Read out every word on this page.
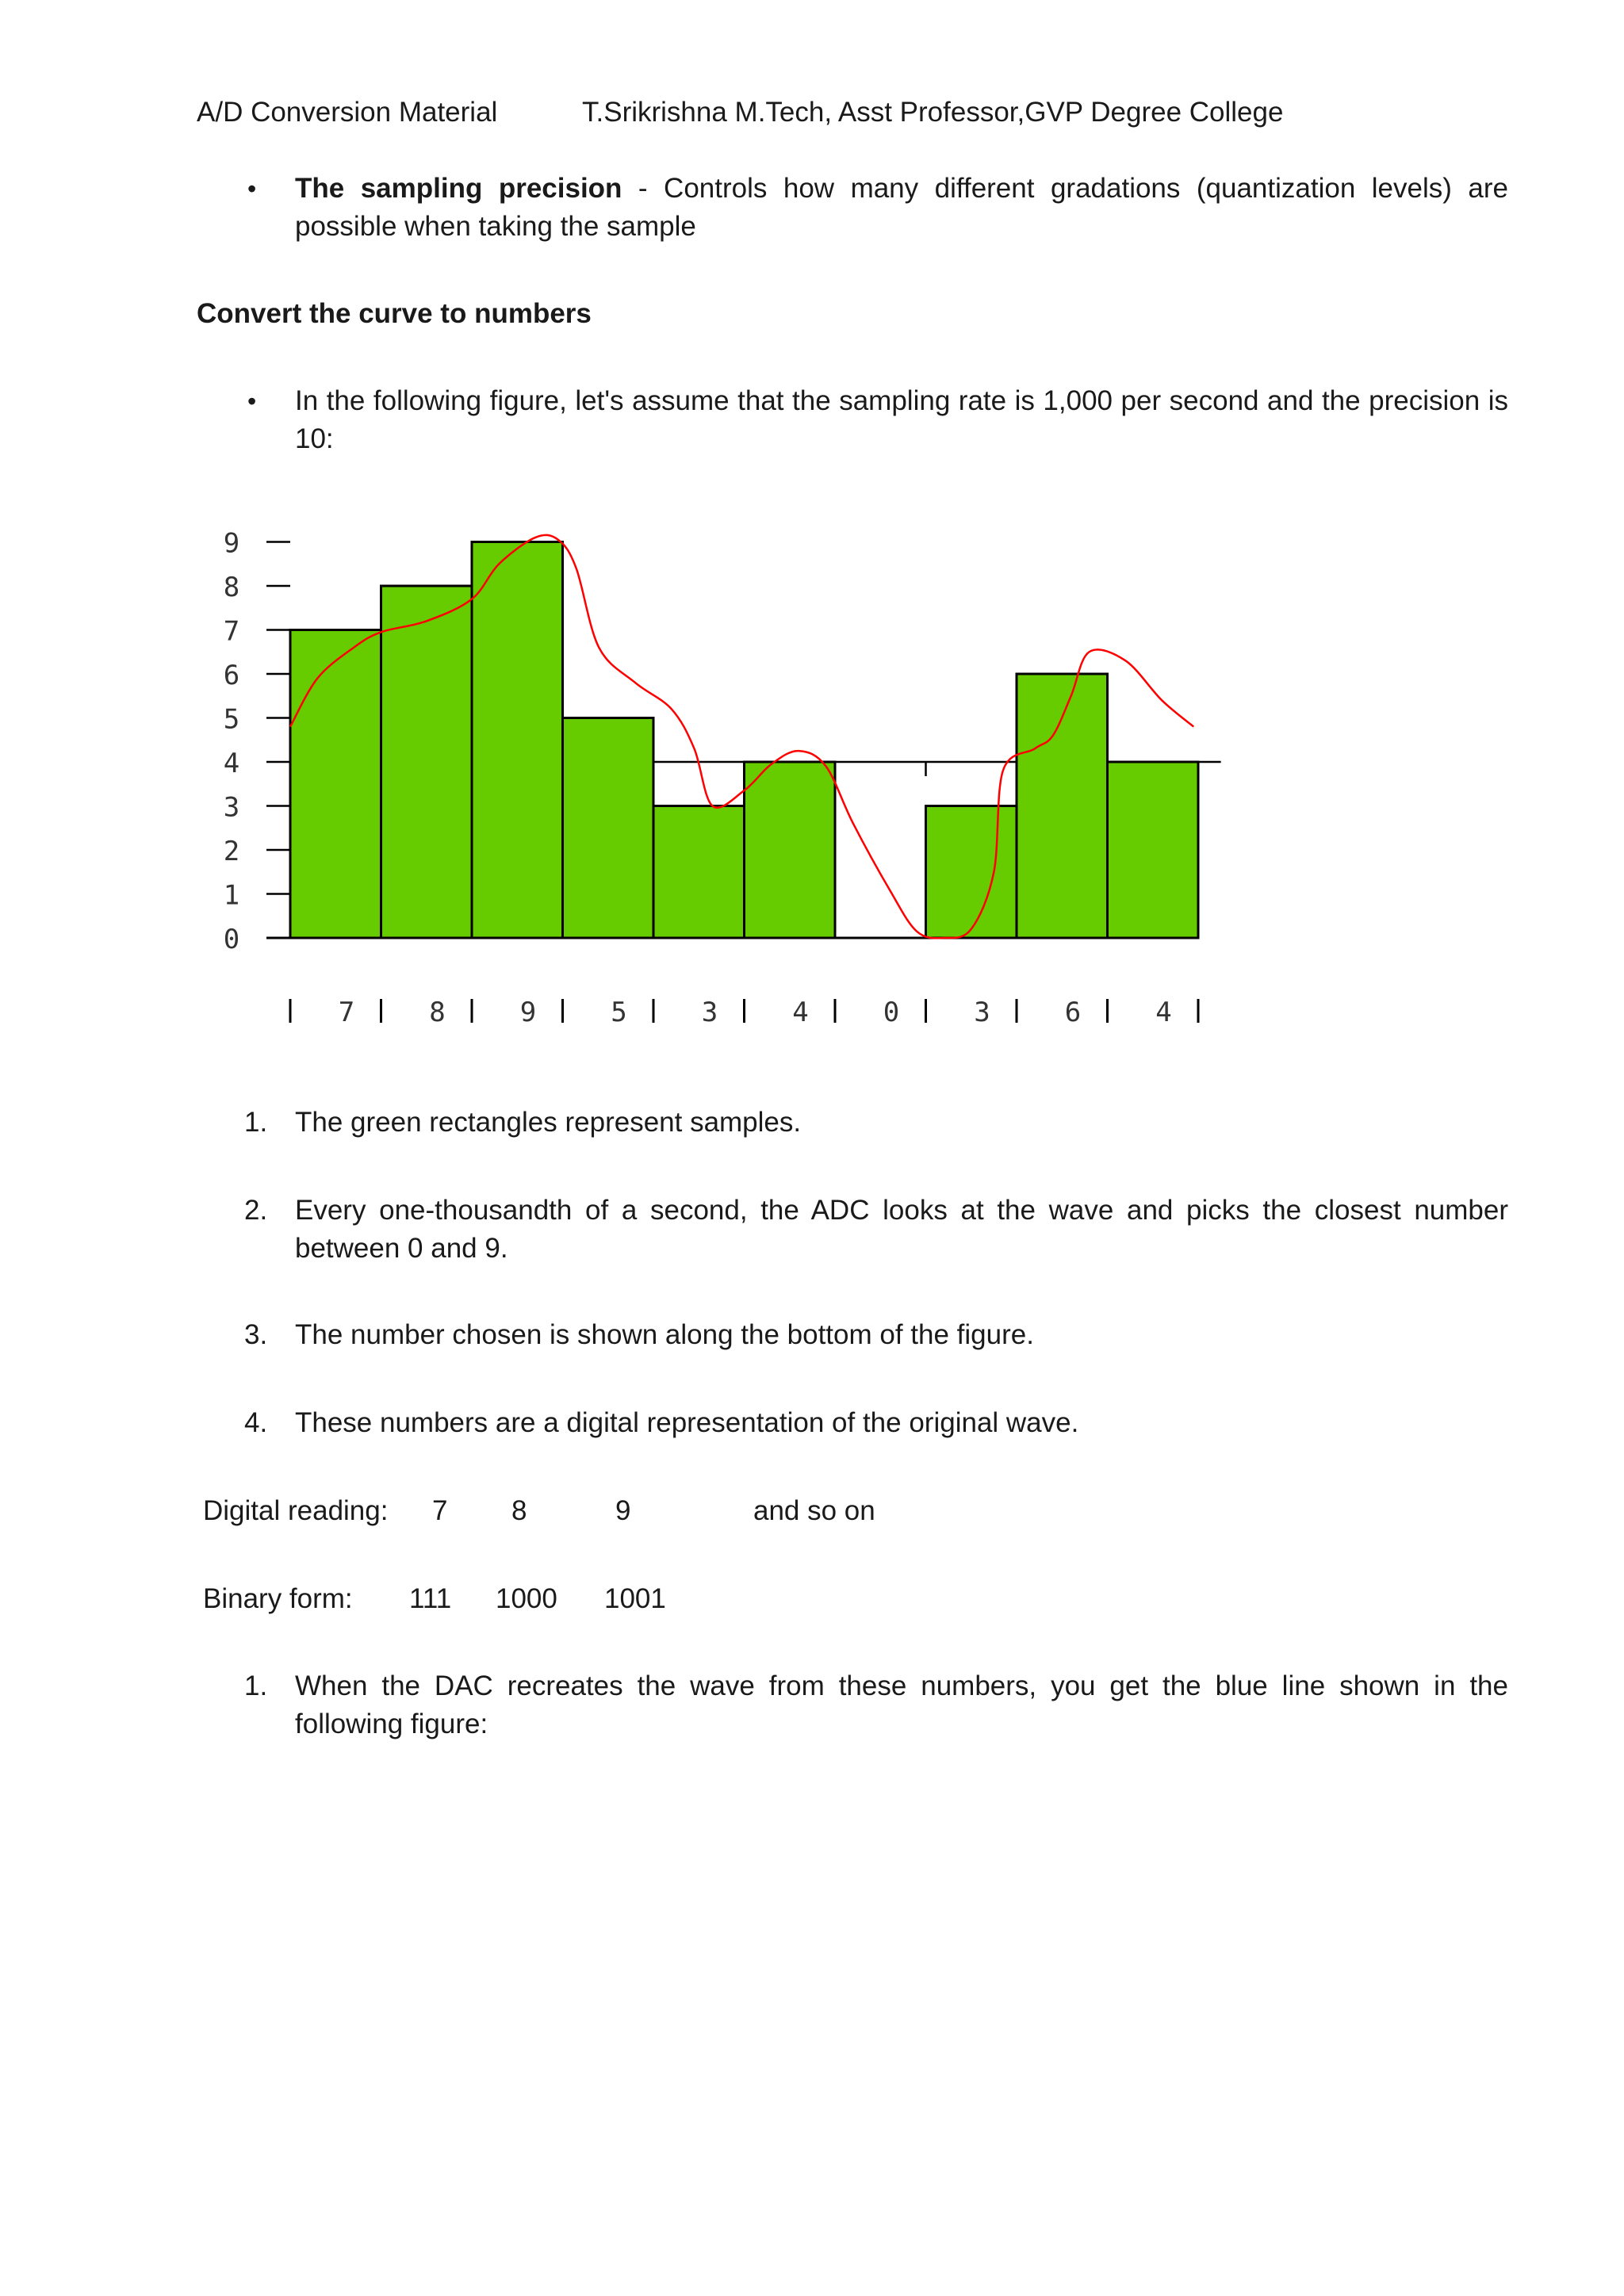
A/D Conversion Material	T.Srikrishna M.Tech, Asst Professor,GVP Degree College
• The sampling precision - Controls how many different gradations (quantization levels) are possible when taking the sample
Convert the curve to numbers
• In the following figure, let's assume that the sampling rate is 1,000 per second and the precision is 10:
0
1
2
3
4
5
6
7
8
9
7	8	9	5	3	4	0	3	6	4
1. The green rectangles represent samples.
2. Every one-thousandth of a second, the ADC looks at the wave and picks the closest number between 0 and 9.
3. The number chosen is shown along the bottom of the figure.
4. These numbers are a digital representation of the original wave.
Digital reading: 7 8	9	and so on
Binary form: 111 1000 1001
1. When the DAC recreates the wave from these numbers, you get the blue line shown in the following figure:
